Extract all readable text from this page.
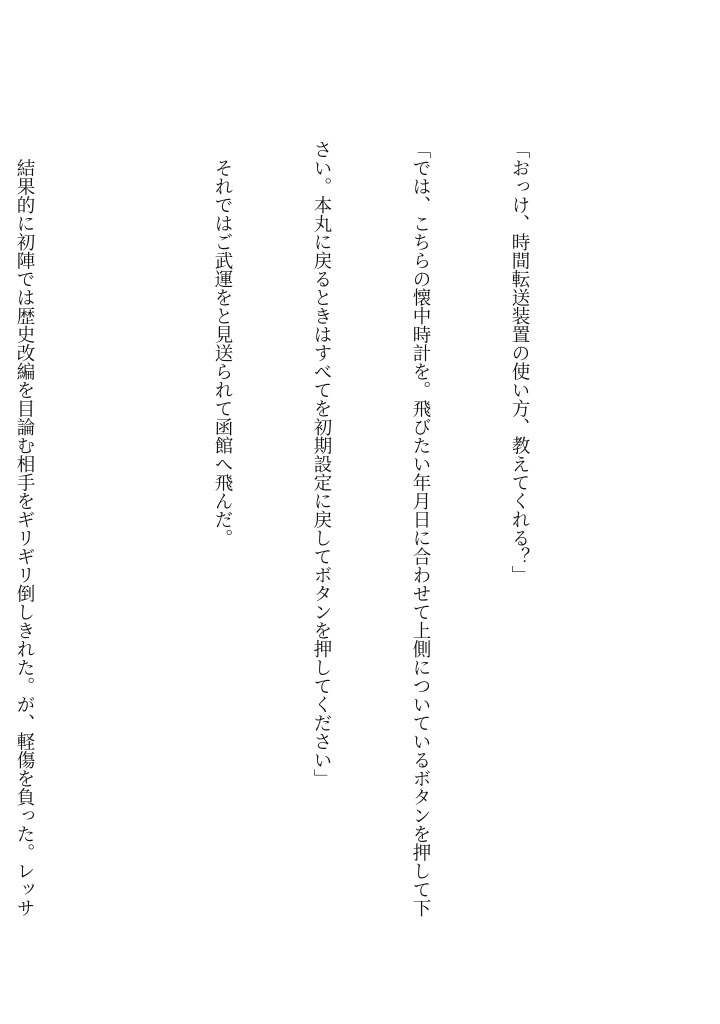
「おっけ、時間転送装置の使い方、教えてくれる？」

「では、こちらの懐中時計を。飛びたい年月日に合わせて上側についているボタンを押して下

さい。本丸に戻るときはすべてを初期設定に戻してボタンを押してください」

　それではご武運をと見送られて函館へ飛んだ。

　結果的に初陣では歴史改編を目論む相手をギリギリ倒しきれた。が、軽傷を負った。レッサ
